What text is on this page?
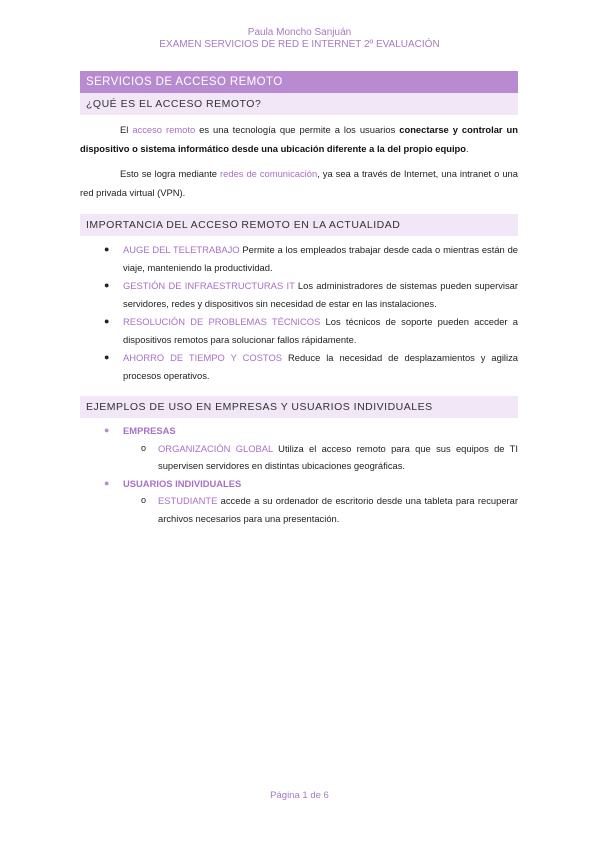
Paula Moncho Sanjuán
EXAMEN SERVICIOS DE RED E INTERNET 2º EVALUACIÓN
SERVICIOS DE ACCESO REMOTO
¿QUÉ ES EL ACCESO REMOTO?

El acceso remoto es una tecnología que permite a los usuarios conectarse y controlar un dispositivo o sistema informático desde una ubicación diferente a la del propio equipo.

Esto se logra mediante redes de comunicación, ya sea a través de Internet, una intranet o una red privada virtual (VPN).

IMPORTANCIA DEL ACCESO REMOTO EN LA ACTUALIDAD
● AUGE DEL TELETRABAJO Permite a los empleados trabajar desde cada o mientras están de viaje, manteniendo la productividad.
● GESTIÓN DE INFRAESTRUCTURAS IT Los administradores de sistemas pueden supervisar servidores, redes y dispositivos sin necesidad de estar en las instalaciones.
● RESOLUCIÓN DE PROBLEMAS TÉCNICOS Los técnicos de soporte pueden acceder a dispositivos remotos para solucionar fallos rápidamente.
● AHORRO DE TIEMPO Y COSTOS Reduce la necesidad de desplazamientos y agiliza procesos operativos.
EJEMPLOS DE USO EN EMPRESAS Y USUARIOS INDIVIDUALES
● EMPRESAS
o ORGANIZACIÓN GLOBAL Utiliza el acceso remoto para que sus equipos de TI supervisen servidores en distintas ubicaciones geográficas.
● USUARIOS INDIVIDUALES
o ESTUDIANTE accede a su ordenador de escritorio desde una tableta para recuperar archivos necesarios para una presentación.
Página 1 de 6
